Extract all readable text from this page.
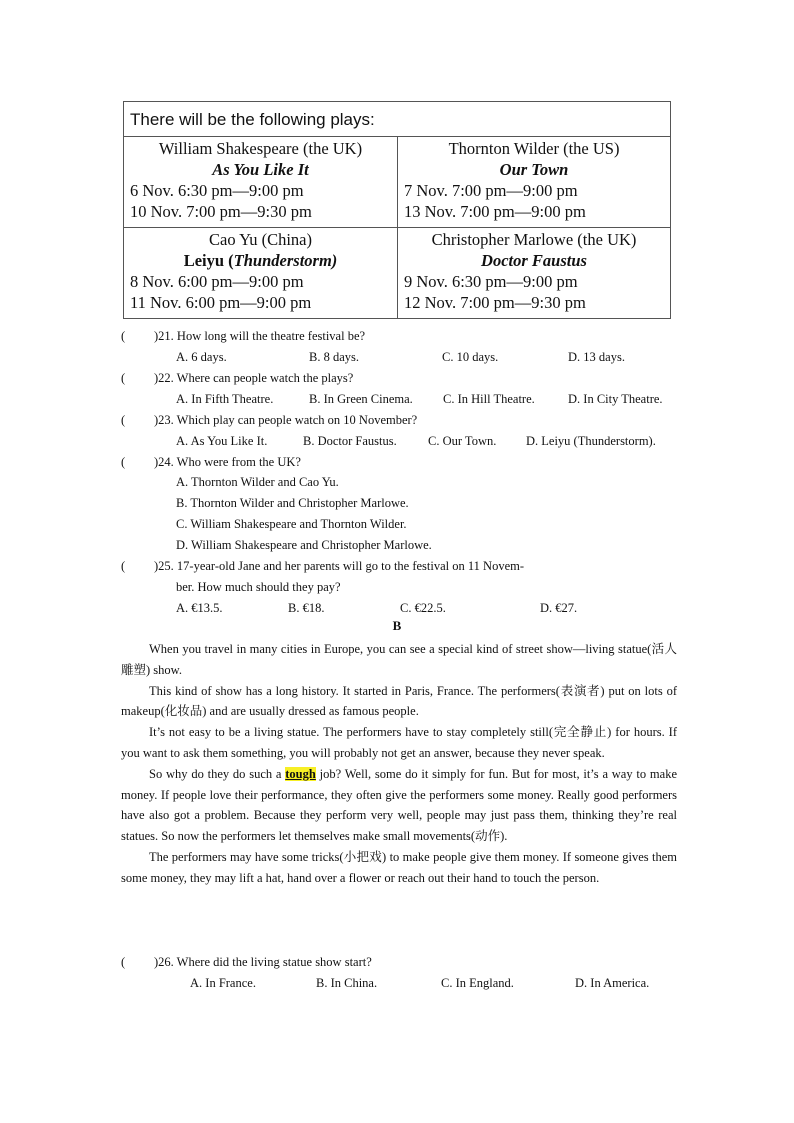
There will be the following plays:
William Shakespeare (the UK)
As You Like It
6 Nov. 6:30 pm—9:00 pm
10 Nov. 7:00 pm—9:30 pm
Thornton Wilder (the US)
Our Town
7 Nov. 7:00 pm—9:00 pm
13 Nov. 7:00 pm—9:00 pm
Cao Yu (China)
Leiyu (Thunderstorm)
8 Nov. 6:00 pm—9:00 pm
11 Nov. 6:00 pm—9:00 pm
Christopher Marlowe (the UK)
Doctor Faustus
9 Nov. 6:30 pm—9:00 pm
12 Nov. 7:00 pm—9:30 pm
( )21. How long will the theatre festival be?
A. 6 days.	B. 8 days.	C. 10 days.	D. 13 days.
( )22. Where can people watch the plays?
A. In Fifth Theatre.	B. In Green Cinema. C. In Hill Theatre.	D. In City Theatre.
( )23. Which play can people watch on 10 November?
A. As You Like It.	B. Doctor Faustus.	C. Our Town. D. Leiyu (Thunderstorm).
( )24. Who were from the UK?
A. Thornton Wilder and Cao Yu.
B. Thornton Wilder and Christopher Marlowe.
C. William Shakespeare and Thornton Wilder.
D. William Shakespeare and Christopher Marlowe.
( )25. 17-year-old Jane and her parents will go to the festival on 11 Novem-
ber. How much should they pay?
A. €13.5.	B. €18.	C. €22.5.	D. €27.
B

When you travel in many cities in Europe, you can see a special kind of street show—living statue(活人雕塑) show.

This kind of show has a long history. It started in Paris, France. The performers(表演者) put on lots of makeup(化妆品) and are usually dressed as famous people.

It’s not easy to be a living statue. The performers have to stay completely still(完全静止) for hours. If you want to ask them something, you will probably not get an answer, because they never speak.

So why do they do such a tough job? Well, some do it simply for fun. But for most, it’s a way to make money. If people love their performance, they often give the performers some money. Really good performers have also got a problem. Because they perform very well, people may just pass them, thinking they’re real statues. So now the performers let themselves make small movements(动作).

The performers may have some tricks(小把戏) to make people give them money. If someone gives them some money, they may lift a hat, hand over a flower or reach out their hand to touch the person.

( )26. Where did the living statue show start?
A. In France.	B. In China.	C. In England.	D. In America.
